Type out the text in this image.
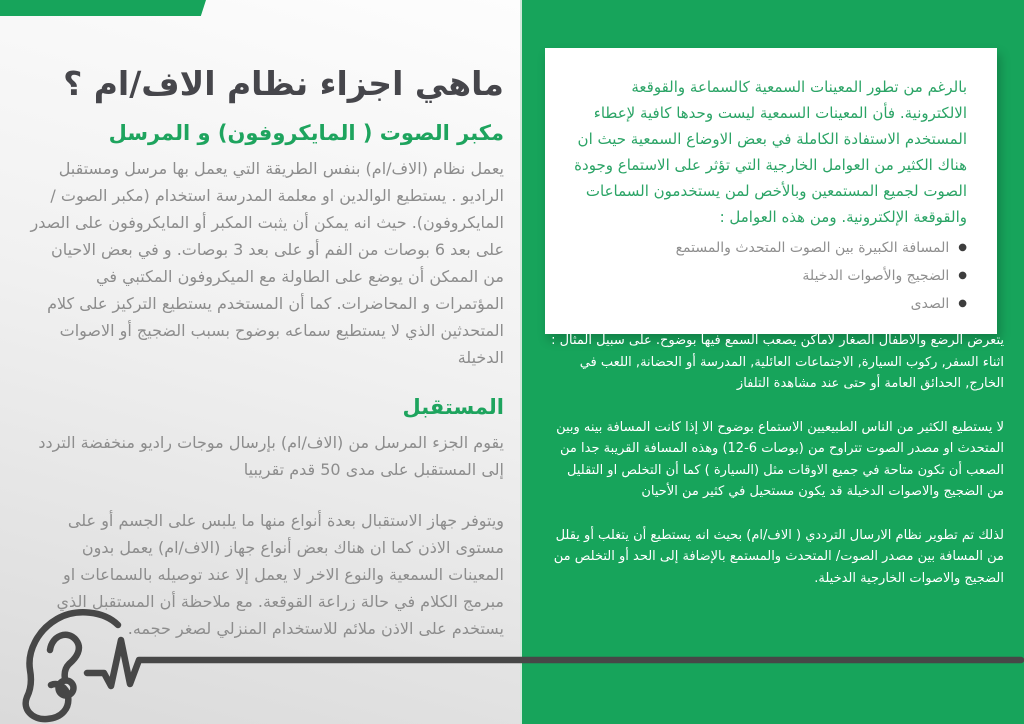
ماهي اجزاء نظام الاف/ام ؟
مكبر الصوت ( المايكروفون) و المرسل

يعمل نظام (الاف/ام) بنفس الطريقة التي يعمل بها مرسل ومستقبل الراديو . يستطيع الوالدين او معلمة المدرسة استخدام (مكبر الصوت / المايكروفون). حيث انه يمكن أن يثبت المكبر أو المايكروفون على الصدر على بعد 6 بوصات من الفم أو على بعد 3 بوصات. و في بعض الاحيان من الممكن أن يوضع على الطاولة مع الميكروفون المكتبي في المؤتمرات و المحاضرات. كما أن المستخدم يستطيع التركيز على كلام المتحدثين الذي لا يستطيع سماعه بوضوح بسبب الضجيج أو الاصوات الدخيلة

المستقبل

يقوم الجزء المرسل من (الاف/ام) بإرسال موجات راديو منخفضة التردد إلى المستقبل على مدى 50 قدم تقريبيا

ويتوفر جهاز الاستقبال بعدة أنواع منها ما يلبس على الجسم أو على مستوى الاذن كما ان هناك بعض أنواع جهاز (الاف/ام) يعمل بدون المعينات السمعية والنوع الاخر لا يعمل إلا عند توصيله بالسماعات او مبرمج الكلام في حالة زراعة القوقعة. مع ملاحظة أن المستقبل الذي يستخدم على الاذن ملائم للاستخدام المنزلي لصغر حجمه.

بالرغم من تطور المعينات السمعية كالسماعة والقوقعة الالكترونية. فأن المعينات السمعية ليست وحدها كافية لإعطاء المستخدم الاستفادة الكاملة في بعض الاوضاع السمعية حيث ان هناك الكثير من العوامل الخارجية التي تؤثر على الاستماع وجودة الصوت لجميع المستمعين وبالأخص لمن يستخدمون السماعات والقوقعة الإلكترونية. ومن هذه العوامل :

● المسافة الكبيرة بين الصوت المتحدث والمستمع
● الضجيج والأصوات الدخيلة
● الصدى

يتعرض الرضع والاطفال الصغار لاماكن يصعب السمع فيها بوضوح. على سبيل المثال : اثناء السفر, ركوب السيارة, الاجتماعات العائلية, المدرسة أو الحضانة, اللعب في الخارج, الحدائق العامة أو حتى عند مشاهدة التلفاز

لا يستطيع الكثير من الناس الطبيعيين الاستماع بوضوح الا إذا كانت المسافة بينه وبين المتحدث او مصدر الصوت تتراوح من ‪(12-6 بوصات)‬ وهذه المسافة القريبة جدا من الصعب أن تكون متاحة في جميع الاوقات مثل (السيارة ) كما أن التخلص او التقليل من الضجيج والاصوات الدخيلة قد يكون مستحيل في كثير من الأحيان

لذلك تم تطوير نظام الارسال الترددي ( الاف/ام) بحيث انه يستطيع أن يتغلب أو يقلل من المسافة بين مصدر الصوت/ المتحدث والمستمع بالإضافة إلى الحد أو التخلص من الضجيج والاصوات الخارجية الدخيلة.
